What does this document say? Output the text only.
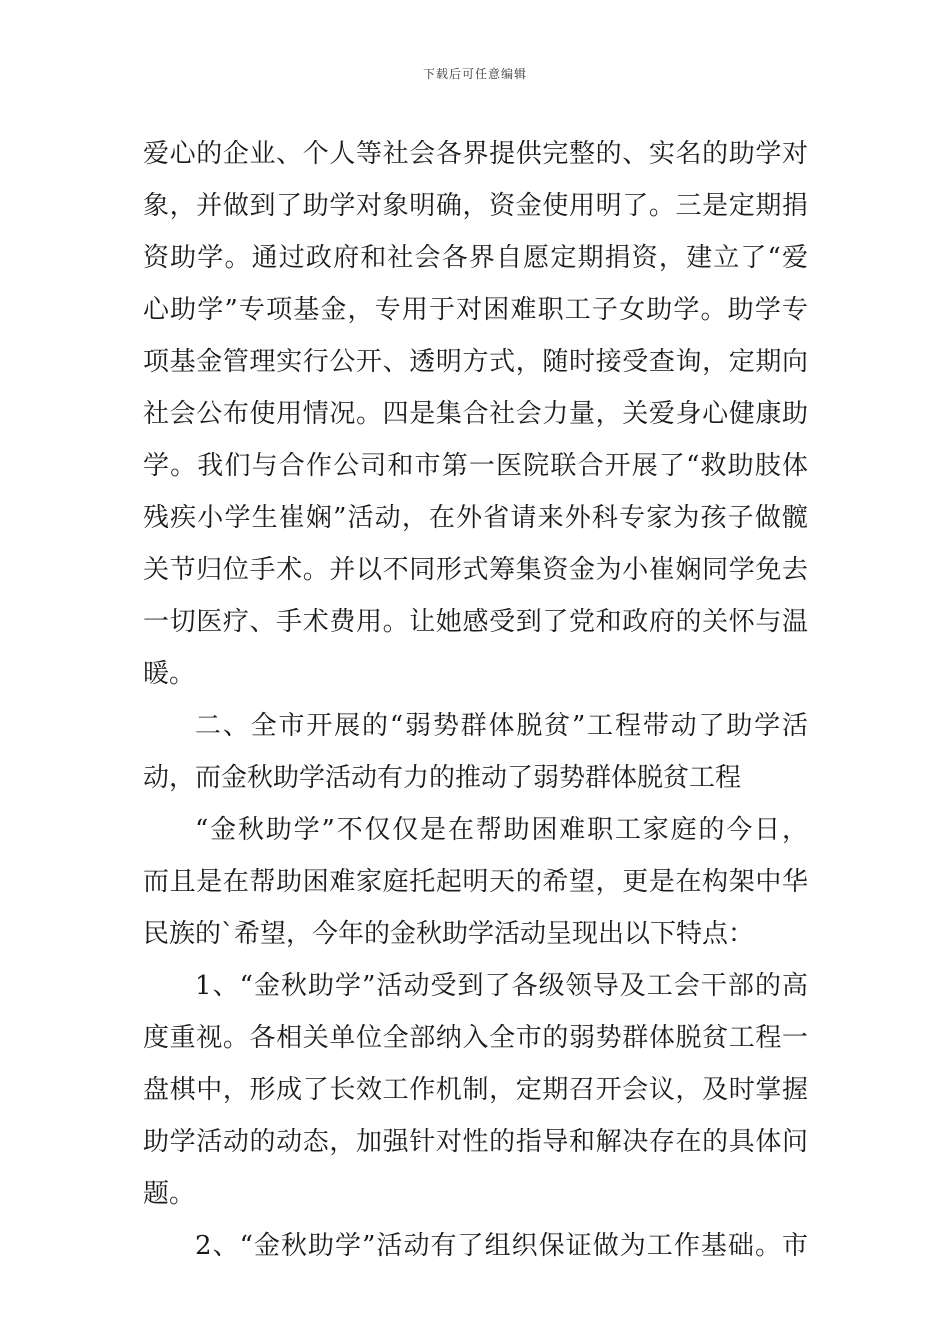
下载后可任意编辑
爱心的企业、个人等社会各界提供完整的、实名的助学对
象，并做到了助学对象明确，资金使用明了。三是定期捐
资助学。通过政府和社会各界自愿定期捐资，建立了“爱
心助学”专项基金，专用于对困难职工子女助学。助学专
项基金管理实行公开、透明方式，随时接受查询，定期向
社会公布使用情况。四是集合社会力量，关爱身心健康助
学。我们与合作公司和市第一医院联合开展了“救助肢体
残疾小学生崔娴”活动，在外省请来外科专家为孩子做髋
关节归位手术。并以不同形式筹集资金为小崔娴同学免去
一切医疗、手术费用。让她感受到了党和政府的关怀与温
暖。
二、全市开展的“弱势群体脱贫”工程带动了助学活
动，而金秋助学活动有力的推动了弱势群体脱贫工程
“金秋助学”不仅仅是在帮助困难职工家庭的今日，
而且是在帮助困难家庭托起明天的希望，更是在构架中华
民族的`希望，今年的金秋助学活动呈现出以下特点：
1、“金秋助学”活动受到了各级领导及工会干部的高
度重视。各相关单位全部纳入全市的弱势群体脱贫工程一
盘棋中，形成了长效工作机制，定期召开会议，及时掌握
助学活动的动态，加强针对性的指导和解决存在的具体问
题。
2、“金秋助学”活动有了组织保证做为工作基础。市
